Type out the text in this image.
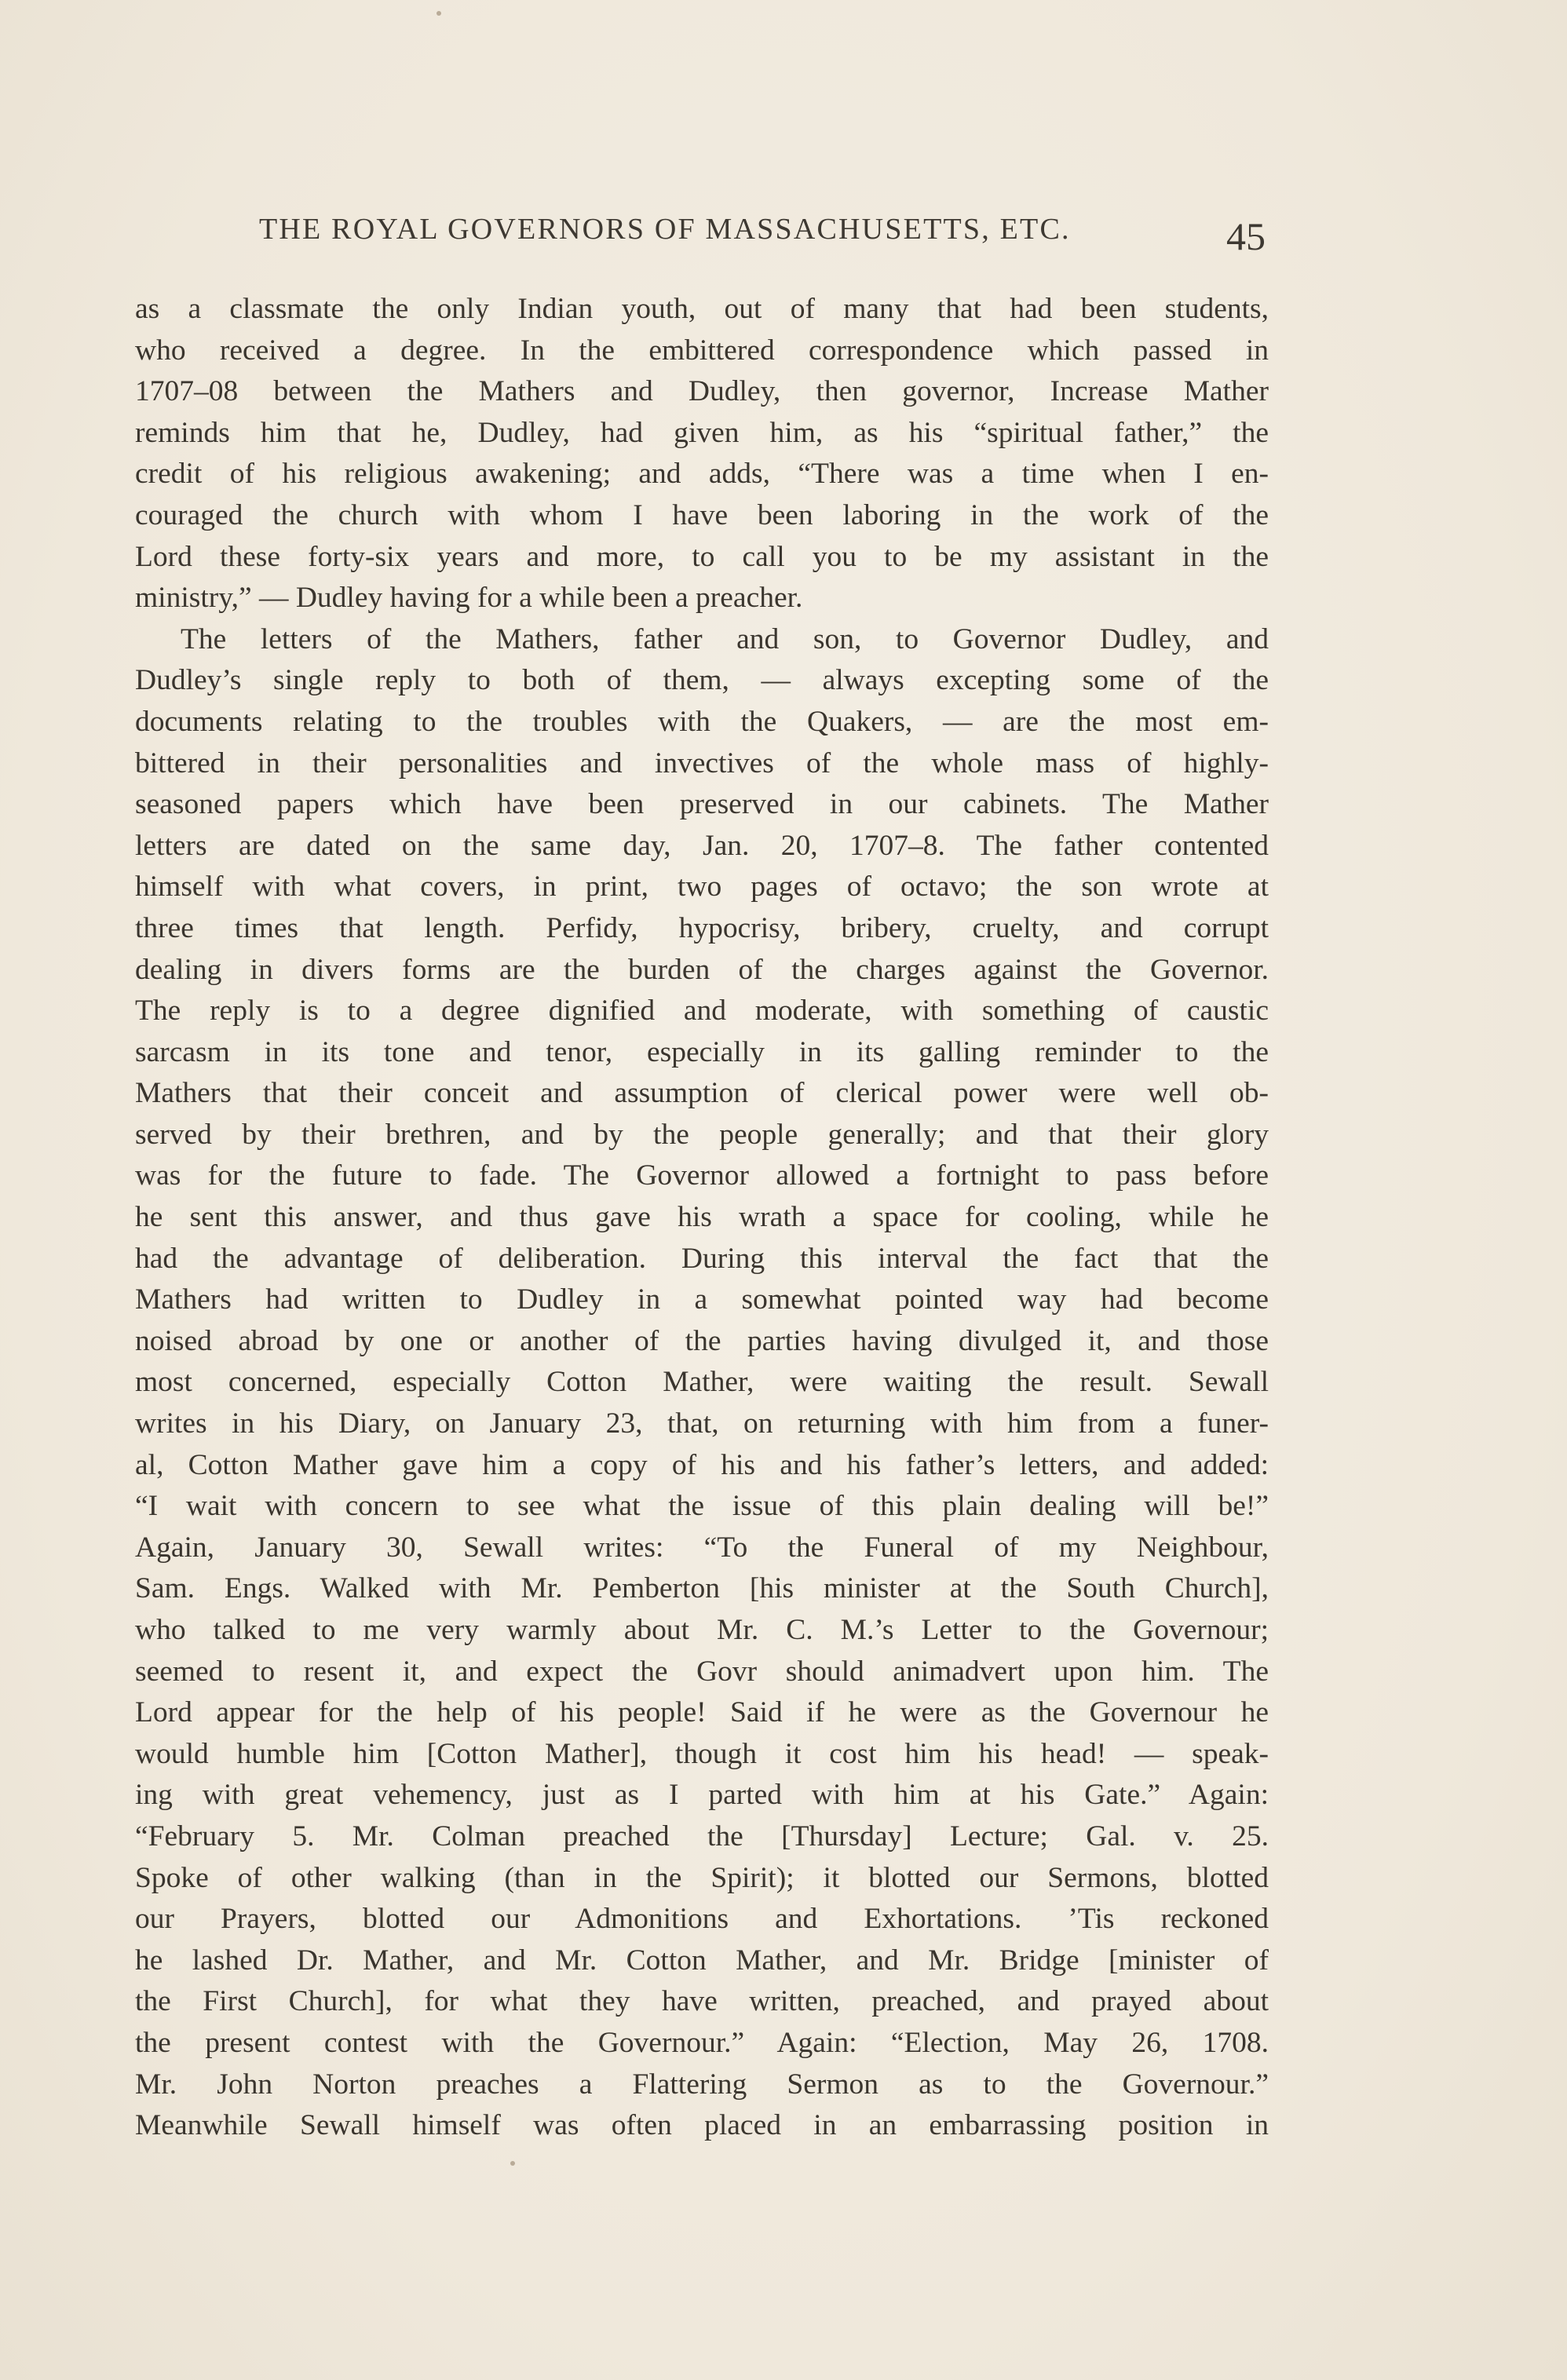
THE ROYAL GOVERNORS OF MASSACHUSETTS, ETC.	45
as a classmate the only Indian youth, out of many that had been students,
who received a degree. In the embittered correspondence which passed in
1707–08 between the Mathers and Dudley, then governor, Increase Mather
reminds him that he, Dudley, had given him, as his “spiritual father,” the
credit of his religious awakening; and adds, “There was a time when I en-
couraged the church with whom I have been laboring in the work of the
Lord these forty-six years and more, to call you to be my assistant in the
ministry,” — Dudley having for a while been a preacher.
The letters of the Mathers, father and son, to Governor Dudley, and
Dudley’s single reply to both of them, — always excepting some of the
documents relating to the troubles with the Quakers, — are the most em-
bittered in their personalities and invectives of the whole mass of highly-
seasoned papers which have been preserved in our cabinets. The Mather
letters are dated on the same day, Jan. 20, 1707–8. The father contented
himself with what covers, in print, two pages of octavo; the son wrote at
three times that length. Perfidy, hypocrisy, bribery, cruelty, and corrupt
dealing in divers forms are the burden of the charges against the Governor.
The reply is to a degree dignified and moderate, with something of caustic
sarcasm in its tone and tenor, especially in its galling reminder to the
Mathers that their conceit and assumption of clerical power were well ob-
served by their brethren, and by the people generally; and that their glory
was for the future to fade. The Governor allowed a fortnight to pass before
he sent this answer, and thus gave his wrath a space for cooling, while he
had the advantage of deliberation. During this interval the fact that the
Mathers had written to Dudley in a somewhat pointed way had become
noised abroad by one or another of the parties having divulged it, and those
most concerned, especially Cotton Mather, were waiting the result. Sewall
writes in his Diary, on January 23, that, on returning with him from a funer-
al, Cotton Mather gave him a copy of his and his father’s letters, and added:
“I wait with concern to see what the issue of this plain dealing will be!”
Again, January 30, Sewall writes: “To the Funeral of my Neighbour,
Sam. Engs. Walked with Mr. Pemberton [his minister at the South Church],
who talked to me very warmly about Mr. C. M.’s Letter to the Governour;
seemed to resent it, and expect the Govr should animadvert upon him. The
Lord appear for the help of his people! Said if he were as the Governour he
would humble him [Cotton Mather], though it cost him his head! — speak-
ing with great vehemency, just as I parted with him at his Gate.” Again:
“February 5. Mr. Colman preached the [Thursday] Lecture; Gal. v. 25.
Spoke of other walking (than in the Spirit); it blotted our Sermons, blotted
our Prayers, blotted our Admonitions and Exhortations. ’Tis reckoned
he lashed Dr. Mather, and Mr. Cotton Mather, and Mr. Bridge [minister of
the First Church], for what they have written, preached, and prayed about
the present contest with the Governour.” Again: “Election, May 26, 1708.
Mr. John Norton preaches a Flattering Sermon as to the Governour.”
Meanwhile Sewall himself was often placed in an embarrassing position in
